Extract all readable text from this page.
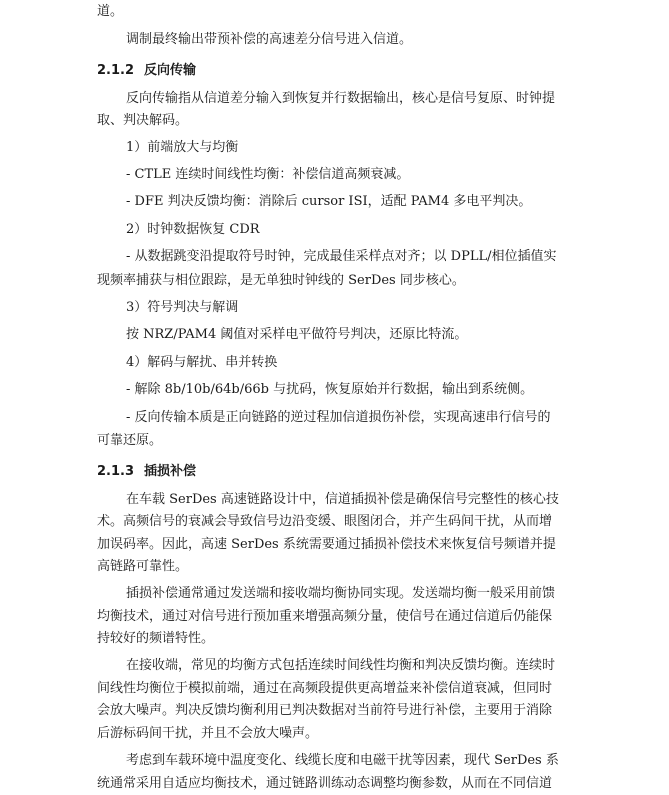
道。
调制最终输出带预补偿的高速差分信号进入信道。
2.1.2 反向传输
反向传输指从信道差分输入到恢复并行数据输出，核心是信号复原、时钟提
取、判决解码。
1）前端放大与均衡
- CTLE 连续时间线性均衡：补偿信道高频衰减。
- DFE 判决反馈均衡：消除后 cursor ISI，适配 PAM4 多电平判决。
2）时钟数据恢复 CDR
- 从数据跳变沿提取符号时钟，完成最佳采样点对齐；以 DPLL/相位插值实
现频率捕获与相位跟踪，是无单独时钟线的 SerDes 同步核心。
3）符号判决与解调
按 NRZ/PAM4 阈值对采样电平做符号判决，还原比特流。
4）解码与解扰、串并转换
- 解除 8b/10b/64b/66b 与扰码，恢复原始并行数据，输出到系统侧。
- 反向传输本质是正向链路的逆过程加信道损伤补偿，实现高速串行信号的
可靠还原。
2.1.3 插损补偿
在车载 SerDes 高速链路设计中，信道插损补偿是确保信号完整性的核心技
术。高频信号的衰减会导致信号边沿变缓、眼图闭合，并产生码间干扰，从而增
加误码率。因此，高速 SerDes 系统需要通过插损补偿技术来恢复信号频谱并提
高链路可靠性。
插损补偿通常通过发送端和接收端均衡协同实现。发送端均衡一般采用前馈
均衡技术，通过对信号进行预加重来增强高频分量，使信号在通过信道后仍能保
持较好的频谱特性。
在接收端，常见的均衡方式包括连续时间线性均衡和判决反馈均衡。连续时
间线性均衡位于模拟前端，通过在高频段提供更高增益来补偿信道衰减，但同时
会放大噪声。判决反馈均衡利用已判决数据对当前符号进行补偿，主要用于消除
后游标码间干扰，并且不会放大噪声。
考虑到车载环境中温度变化、线缆长度和电磁干扰等因素，现代 SerDes 系
统通常采用自适应均衡技术，通过链路训练动态调整均衡参数，从而在不同信道
